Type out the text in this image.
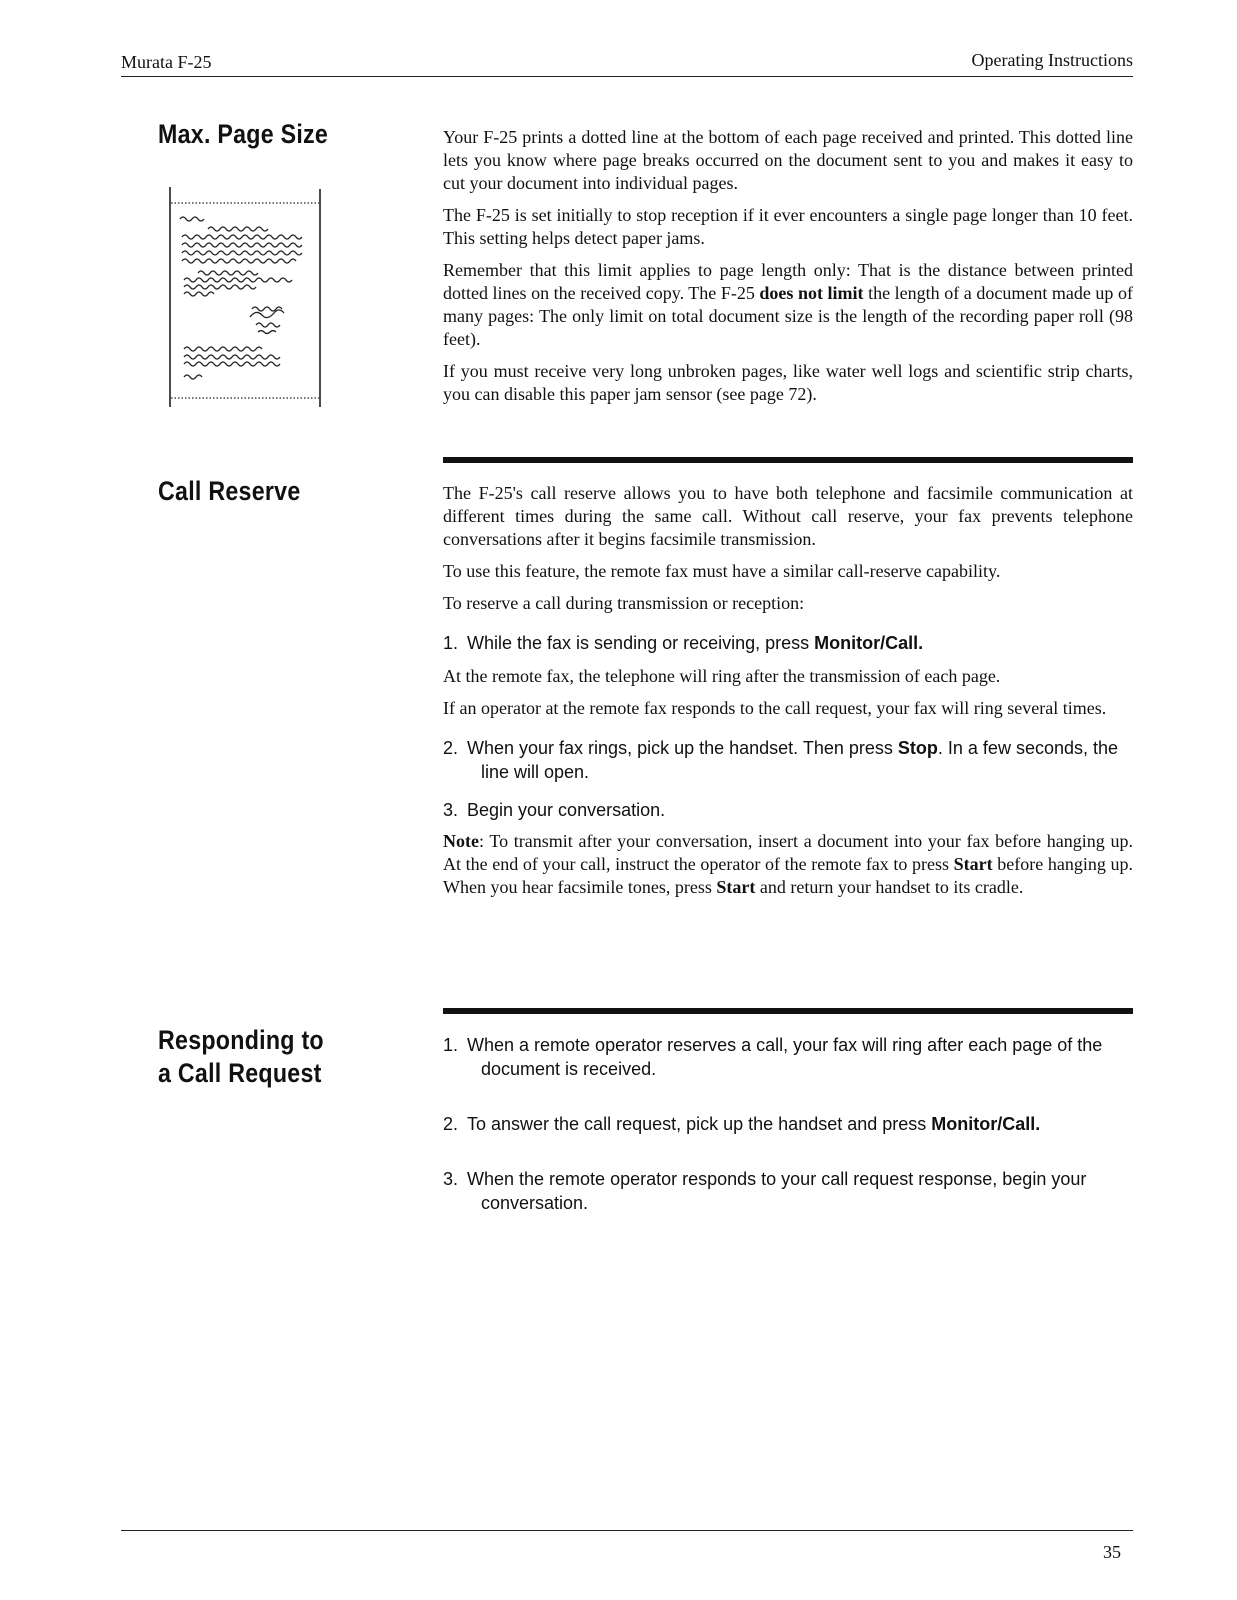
Murata F-25	Operating Instructions
Max. Page Size	Your F-25 prints a dotted line at the bottom of each page received and printed. This dotted line lets you know where page breaks occurred on the document sent to you and makes it easy to cut your document into individual pages.

The F-25 is set initially to stop reception if it ever encounters a single page longer than 10 feet. This setting helps detect paper jams.

Remember that this limit applies to page length only: That is the distance between printed dotted lines on the received copy. The F-25 does not limit the length of a document made up of many pages: The only limit on total document size is the length of the recording paper roll (98 feet).

If you must receive very long unbroken pages, like water well logs and scientific strip charts, you can disable this paper jam sensor (see page 72).

Call Reserve	The F-25's call reserve allows you to have both telephone and facsimile communication at different times during the same call. Without call reserve, your fax prevents telephone conversations after it begins facsimile transmission.

To use this feature, the remote fax must have a similar call-reserve capability.

To reserve a call during transmission or reception:

1. While the fax is sending or receiving, press Monitor/Call.

At the remote fax, the telephone will ring after the transmission of each page.

If an operator at the remote fax responds to the call request, your fax will ring several times.

2. When your fax rings, pick up the handset. Then press Stop. In a few seconds, the line will open.

3. Begin your conversation.

Note: To transmit after your conversation, insert a document into your fax before hanging up. At the end of your call, instruct the operator of the remote fax to press Start before hanging up. When you hear facsimile tones, press Start and return your handset to its cradle.

Responding to
a Call Request

1. When a remote operator reserves a call, your fax will ring after each page of the document is received.

2. To answer the call request, pick up the handset and press Monitor/Call.

3. When the remote operator responds to your call request response, begin your conversation.

35
